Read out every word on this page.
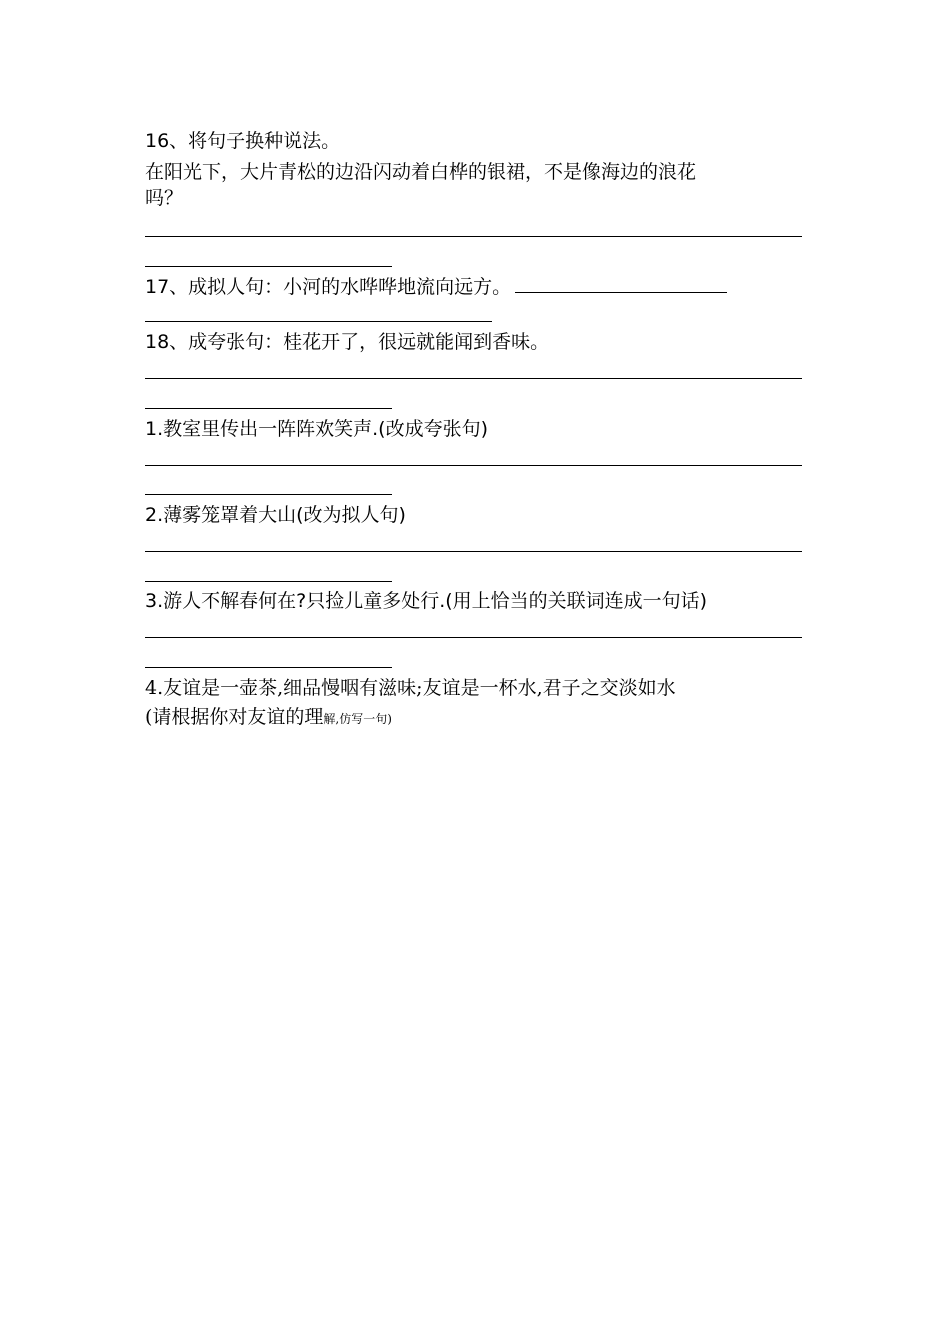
16、将句子换种说法。
在阳光下，大片青松的边沿闪动着白桦的银裙，不是像海边的浪花
吗？
17、成拟人句：小河的水哗哗地流向远方。
18、成夸张句：桂花开了，很远就能闻到香味。
1.教室里传出一阵阵欢笑声.(改成夸张句)
2.薄雾笼罩着大山(改为拟人句)
3.游人不解春何在?只捡儿童多处行.(用上恰当的关联词连成一句话)
4.友谊是一壶茶,细品慢咽有滋味;友谊是一杯水,君子之交淡如水
(请根据你对友谊的理解,仿写一句)
